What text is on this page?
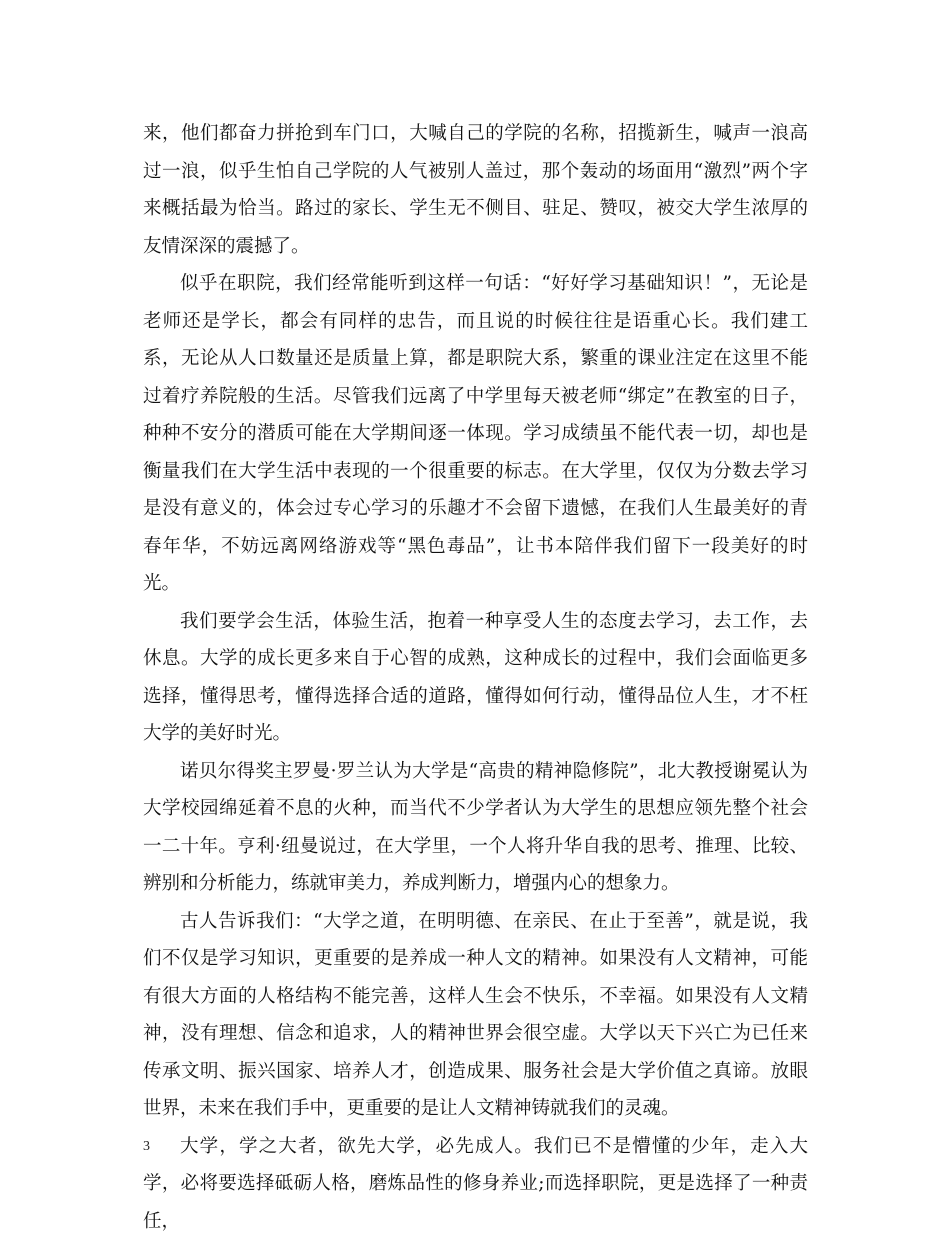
来，他们都奋力拼抢到车门口，大喊自己的学院的名称，招揽新生，喊声一浪高过一浪，似乎生怕自己学院的人气被别人盖过，那个轰动的场面用“激烈”两个字来概括最为恰当。路过的家长、学生无不侧目、驻足、赞叹，被交大学生浓厚的友情深深的震撼了。

似乎在职院，我们经常能听到这样一句话：“好好学习基础知识！”，无论是老师还是学长，都会有同样的忠告，而且说的时候往往是语重心长。我们建工系，无论从人口数量还是质量上算，都是职院大系，繁重的课业注定在这里不能过着疗养院般的生活。尽管我们远离了中学里每天被老师“绑定”在教室的日子，种种不安分的潜质可能在大学期间逐一体现。学习成绩虽不能代表一切，却也是衡量我们在大学生活中表现的一个很重要的标志。在大学里，仅仅为分数去学习是没有意义的，体会过专心学习的乐趣才不会留下遗憾，在我们人生最美好的青春年华，不妨远离网络游戏等“黑色毒品”，让书本陪伴我们留下一段美好的时光。

我们要学会生活，体验生活，抱着一种享受人生的态度去学习，去工作，去休息。大学的成长更多来自于心智的成熟，这种成长的过程中，我们会面临更多选择，懂得思考，懂得选择合适的道路，懂得如何行动，懂得品位人生，才不枉大学的美好时光。

诺贝尔得奖主罗曼·罗兰认为大学是“高贵的精神隐修院”，北大教授谢冕认为大学校园绵延着不息的火种，而当代不少学者认为大学生的思想应领先整个社会一二十年。亨利·纽曼说过，在大学里，一个人将升华自我的思考、推理、比较、辨别和分析能力，练就审美力，养成判断力，增强内心的想象力。

古人告诉我们：“大学之道，在明明德、在亲民、在止于至善”，就是说，我们不仅是学习知识，更重要的是养成一种人文的精神。如果没有人文精神，可能有很大方面的人格结构不能完善，这样人生会不快乐，不幸福。如果没有人文精神，没有理想、信念和追求，人的精神世界会很空虚。大学以天下兴亡为已任来传承文明、振兴国家、培养人才，创造成果、服务社会是大学价值之真谛。放眼世界，未来在我们手中，更重要的是让人文精神铸就我们的灵魂。

大学，学之大者，欲先大学，必先成人。我们已不是懵懂的少年，走入大学，必将要选择砥砺人格，磨炼品性的修身养业;而选择职院，更是选择了一种责任，

3
